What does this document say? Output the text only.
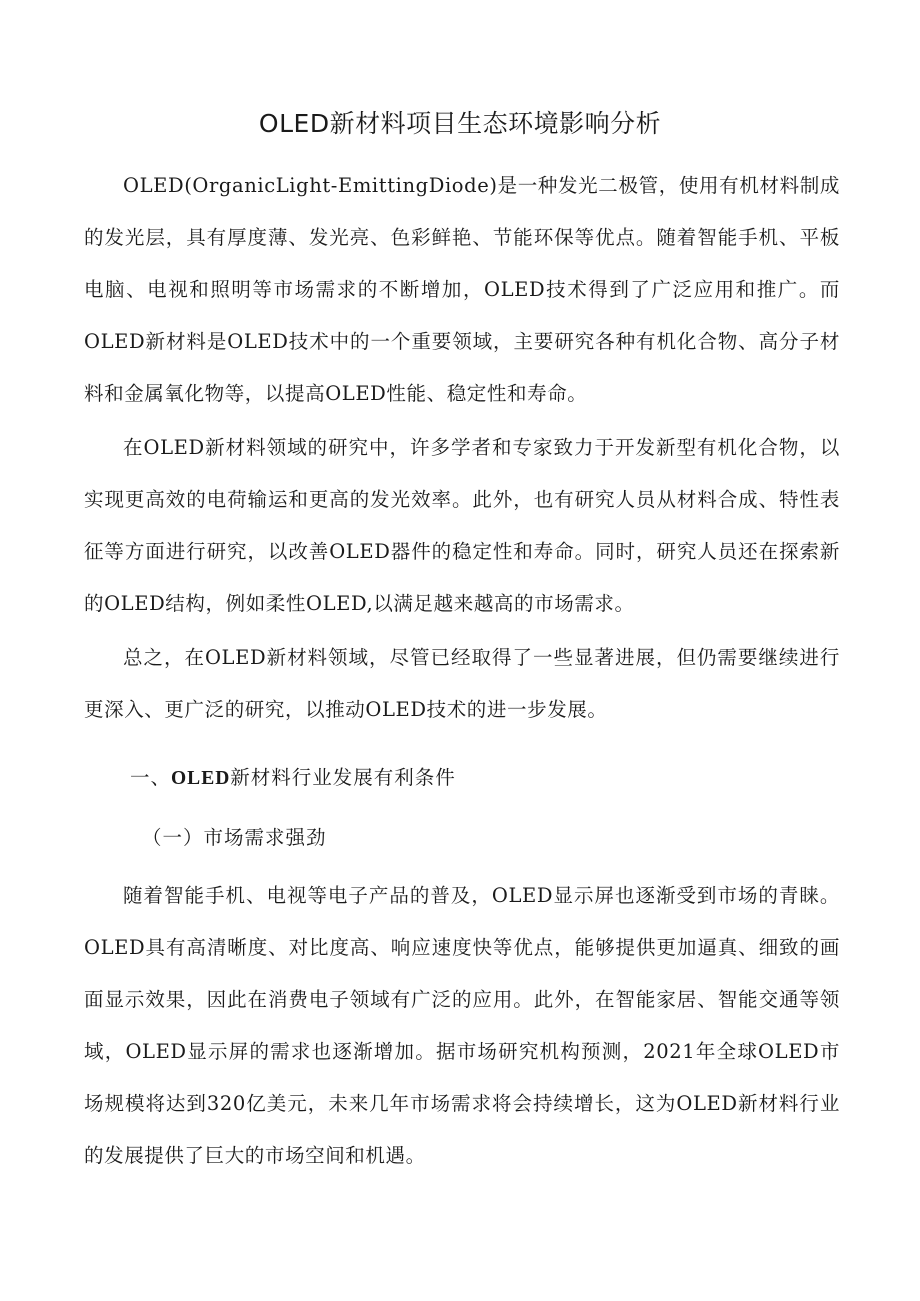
OLED新材料项目生态环境影响分析

OLED(OrganicLight-EmittingDiode)是一种发光二极管，使用有机材料制成的发光层，具有厚度薄、发光亮、色彩鲜艳、节能环保等优点。随着智能手机、平板电脑、电视和照明等市场需求的不断增加，OLED技术得到了广泛应用和推广。而OLED新材料是OLED技术中的一个重要领域，主要研究各种有机化合物、高分子材料和金属氧化物等，以提高OLED性能、稳定性和寿命。

在OLED新材料领域的研究中，许多学者和专家致力于开发新型有机化合物，以实现更高效的电荷输运和更高的发光效率。此外，也有研究人员从材料合成、特性表征等方面进行研究，以改善OLED器件的稳定性和寿命。同时，研究人员还在探索新的OLED结构，例如柔性OLED,以满足越来越高的市场需求。

总之，在OLED新材料领域，尽管已经取得了一些显著进展，但仍需要继续进行更深入、更广泛的研究，以推动OLED技术的进一步发展。

一、OLED新材料行业发展有利条件
（一）市场需求强劲

随着智能手机、电视等电子产品的普及，OLED显示屏也逐渐受到市场的青睐。OLED具有高清晰度、对比度高、响应速度快等优点，能够提供更加逼真、细致的画面显示效果，因此在消费电子领域有广泛的应用。此外，在智能家居、智能交通等领域，OLED显示屏的需求也逐渐增加。据市场研究机构预测，2021年全球OLED市场规模将达到320亿美元，未来几年市场需求将会持续增长，这为OLED新材料行业的发展提供了巨大的市场空间和机遇。
